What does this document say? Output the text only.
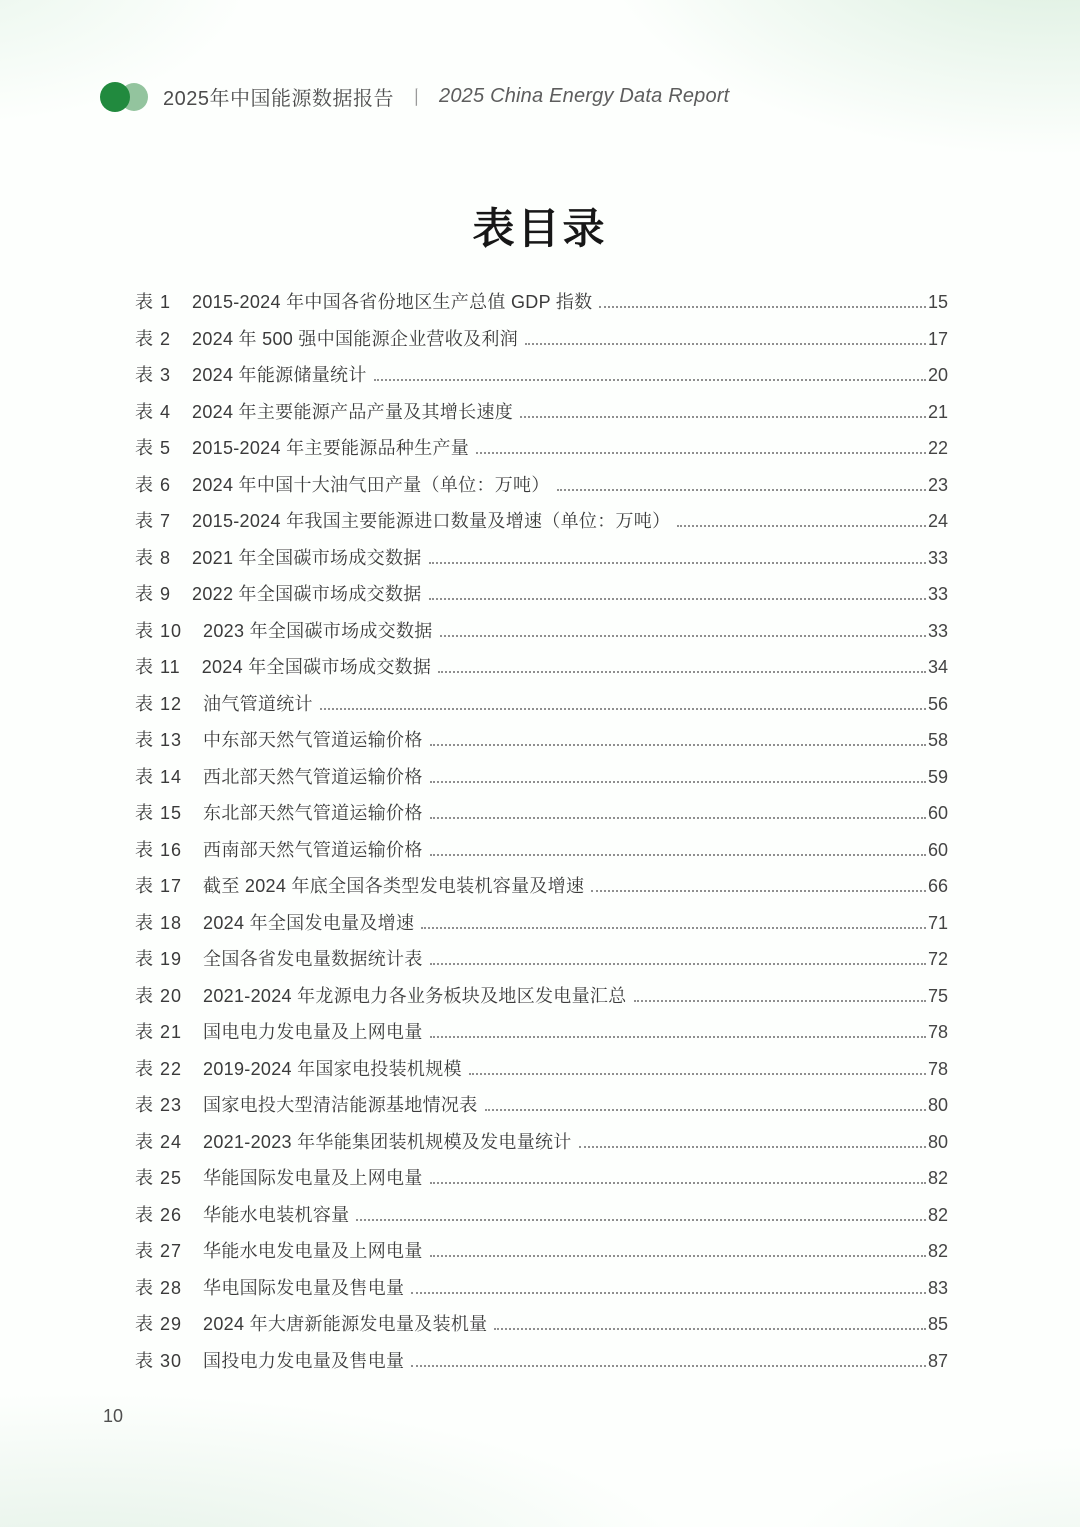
2025年中国能源数据报告 丨 2025 China Energy Data Report
表目录
表 1 2015-2024 年中国各省份地区生产总值 GDP 指数	15
表 2 2024 年 500 强中国能源企业营收及利润	17
表 3 2024 年能源储量统计	20
表 4 2024 年主要能源产品产量及其增长速度	21
表 5 2015-2024 年主要能源品种生产量	22
表 6 2024 年中国十大油气田产量（单位：万吨）	23
表 7 2015-2024 年我国主要能源进口数量及增速（单位：万吨）	24
表 8 2021 年全国碳市场成交数据	33
表 9 2022 年全国碳市场成交数据	33
表 10 2023 年全国碳市场成交数据	33
表 11 2024 年全国碳市场成交数据	34
表 12 油气管道统计	56
表 13 中东部天然气管道运输价格	58
表 14 西北部天然气管道运输价格	59
表 15 东北部天然气管道运输价格	60
表 16 西南部天然气管道运输价格	60
表 17 截至 2024 年底全国各类型发电装机容量及增速	66
表 18 2024 年全国发电量及增速	71
表 19 全国各省发电量数据统计表	72
表 20 2021-2024 年龙源电力各业务板块及地区发电量汇总	75
表 21 国电电力发电量及上网电量	78
表 22 2019-2024 年国家电投装机规模	78
表 23 国家电投大型清洁能源基地情况表	80
表 24 2021-2023 年华能集团装机规模及发电量统计	80
表 25 华能国际发电量及上网电量	82
表 26 华能水电装机容量	82
表 27 华能水电发电量及上网电量	82
表 28 华电国际发电量及售电量	83
表 29 2024 年大唐新能源发电量及装机量	85
表 30 国投电力发电量及售电量	87
10
